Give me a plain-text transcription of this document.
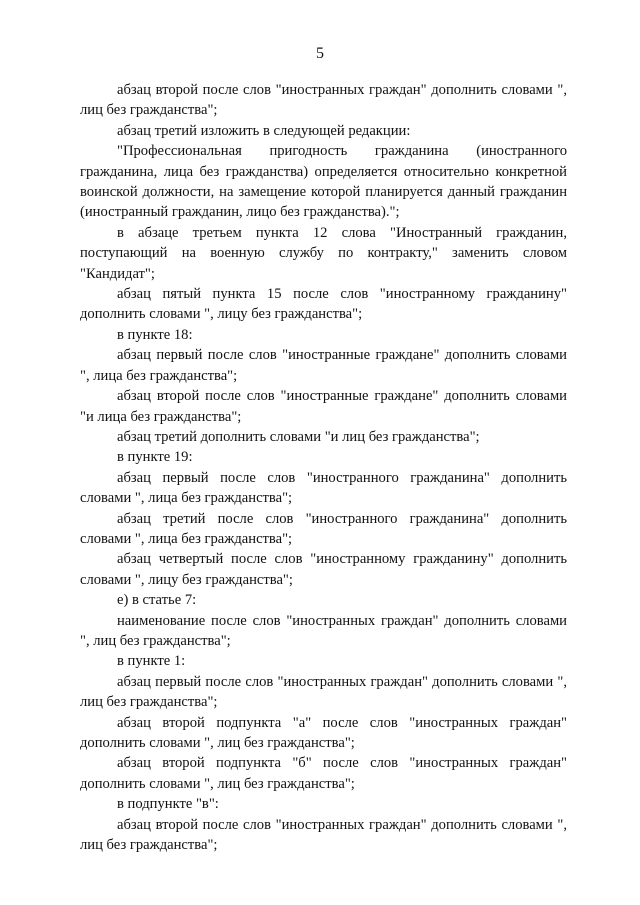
5

абзац второй после слов "иностранных граждан" дополнить словами ", лиц без гражданства";

абзац третий изложить в следующей редакции:

"Профессиональная пригодность гражданина (иностранного гражданина, лица без гражданства) определяется относительно конкретной воинской должности, на замещение которой планируется данный гражданин (иностранный гражданин, лицо без гражданства).";

в абзаце третьем пункта 12 слова "Иностранный гражданин, поступающий на военную службу по контракту," заменить словом "Кандидат";

абзац пятый пункта 15 после слов "иностранному гражданину" дополнить словами ", лицу без гражданства";

в пункте 18:

абзац первый после слов "иностранные граждане" дополнить словами ", лица без гражданства";

абзац второй после слов "иностранные граждане" дополнить словами "и лица без гражданства";

абзац третий дополнить словами "и лиц без гражданства";

в пункте 19:

абзац первый после слов "иностранного гражданина" дополнить словами ", лица без гражданства";

абзац третий после слов "иностранного гражданина" дополнить словами ", лица без гражданства";

абзац четвертый после слов "иностранному гражданину" дополнить словами ", лицу без гражданства";

е) в статье 7:

наименование после слов "иностранных граждан" дополнить словами ", лиц без гражданства";

в пункте 1:

абзац первый после слов "иностранных граждан" дополнить словами ", лиц без гражданства";

абзац второй подпункта "а" после слов "иностранных граждан" дополнить словами ", лиц без гражданства";

абзац второй подпункта "б" после слов "иностранных граждан" дополнить словами ", лиц без гражданства";

в подпункте "в":

абзац второй после слов "иностранных граждан" дополнить словами ", лиц без гражданства";
